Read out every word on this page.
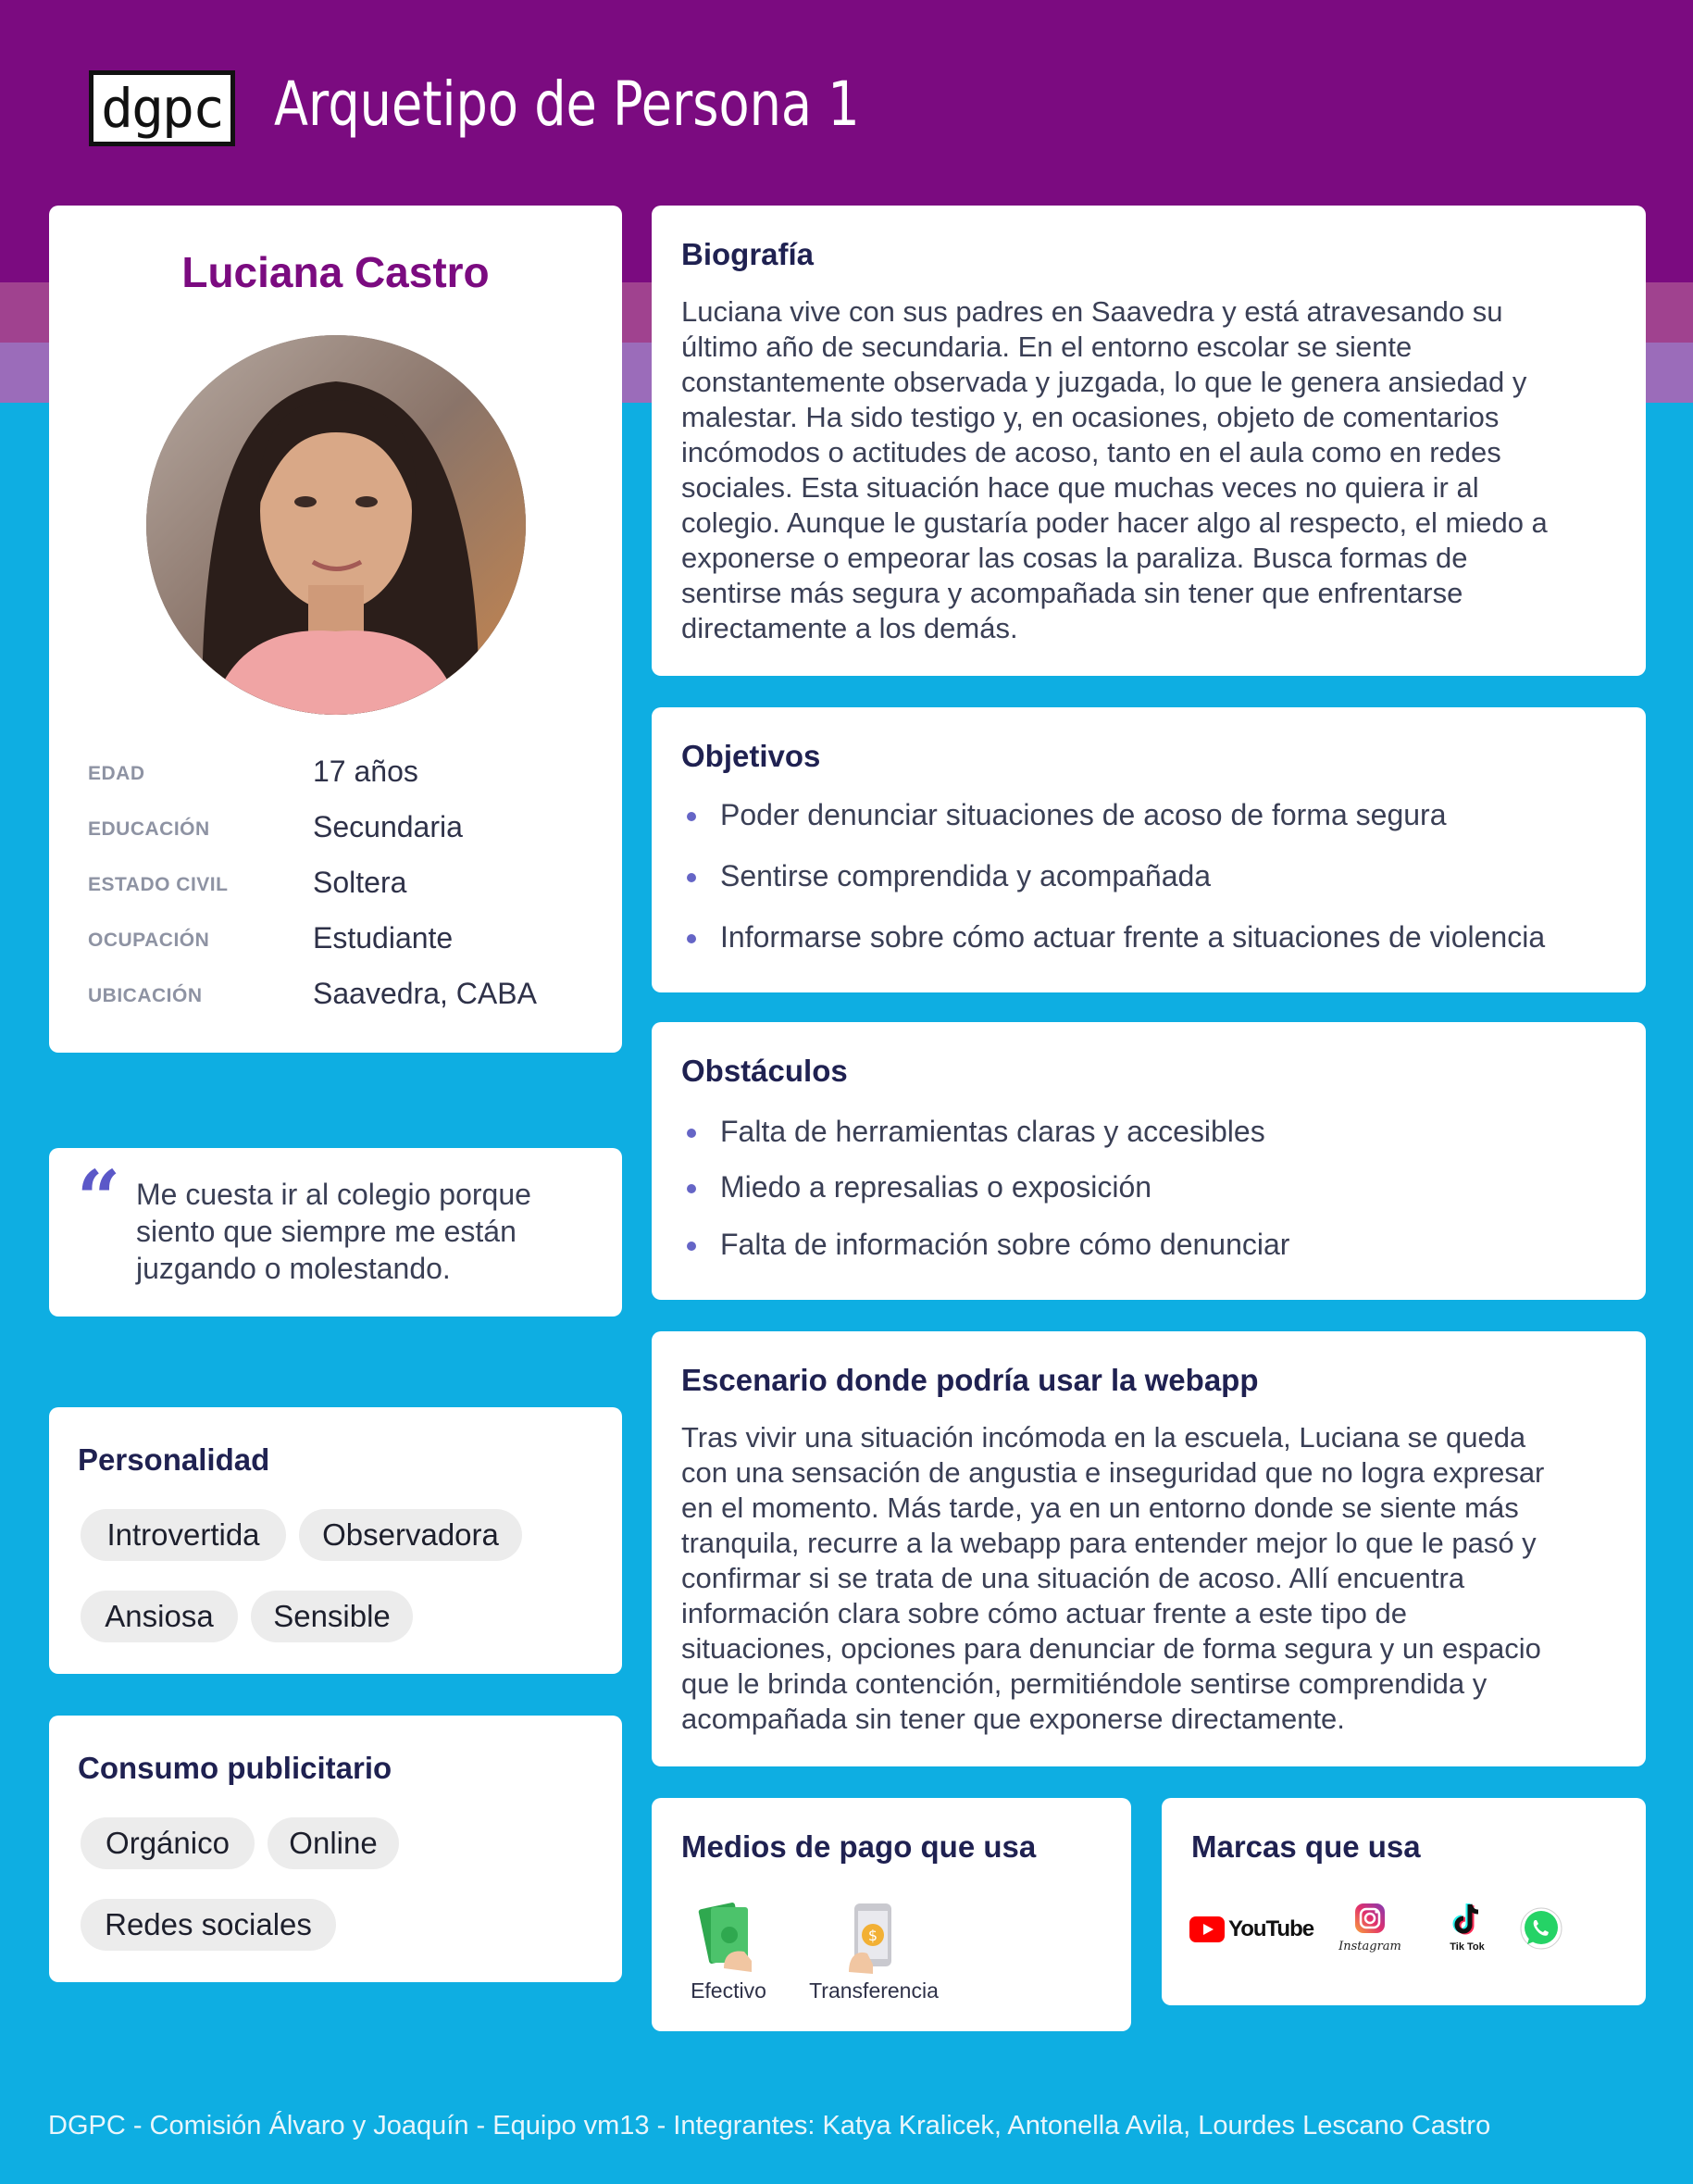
dgpc Arquetipo de Persona 1
Luciana Castro
EDAD	17 años
EDUCACIÓN	Secundaria
ESTADO CIVIL	Soltera
OCUPACIÓN	Estudiante
UBICACIÓN	Saavedra, CABA
“ Me cuesta ir al colegio porque siento que siempre me están juzgando o molestando.
Personalidad
Introvertida	Observadora
Ansiosa	Sensible
Consumo publicitario
Orgánico	Online
Redes sociales
Biografía
Luciana vive con sus padres en Saavedra y está atravesando su
último año de secundaria. En el entorno escolar se siente
constantemente observada y juzgada, lo que le genera ansiedad y
malestar. Ha sido testigo y, en ocasiones, objeto de comentarios
incómodos o actitudes de acoso, tanto en el aula como en redes
sociales. Esta situación hace que muchas veces no quiera ir al
colegio. Aunque le gustaría poder hacer algo al respecto, el miedo a
exponerse o empeorar las cosas la paraliza. Busca formas de
sentirse más segura y acompañada sin tener que enfrentarse
directamente a los demás.
Objetivos
Poder denunciar situaciones de acoso de forma segura
Sentirse comprendida y acompañada
Informarse sobre cómo actuar frente a situaciones de violencia
Obstáculos
Falta de herramientas claras y accesibles
Miedo a represalias o exposición
Falta de información sobre cómo denunciar
Escenario donde podría usar la webapp
Tras vivir una situación incómoda en la escuela, Luciana se queda
con una sensación de angustia e inseguridad que no logra expresar
en el momento. Más tarde, ya en un entorno donde se siente más
tranquila, recurre a la webapp para entender mejor lo que le pasó y
confirmar si se trata de una situación de acoso. Allí encuentra
información clara sobre cómo actuar frente a este tipo de
situaciones, opciones para denunciar de forma segura y un espacio
que le brinda contención, permitiéndole sentirse comprendida y
acompañada sin tener que exponerse directamente.
Medios de pago que usa
Efectivo
$
Transferencia
Marcas que usa
YouTube
Instagram	Tik Tok
DGPC - Comisión Álvaro y Joaquín - Equipo vm13 - Integrantes: Katya Kralicek, Antonella Avila, Lourdes Lescano Castro
